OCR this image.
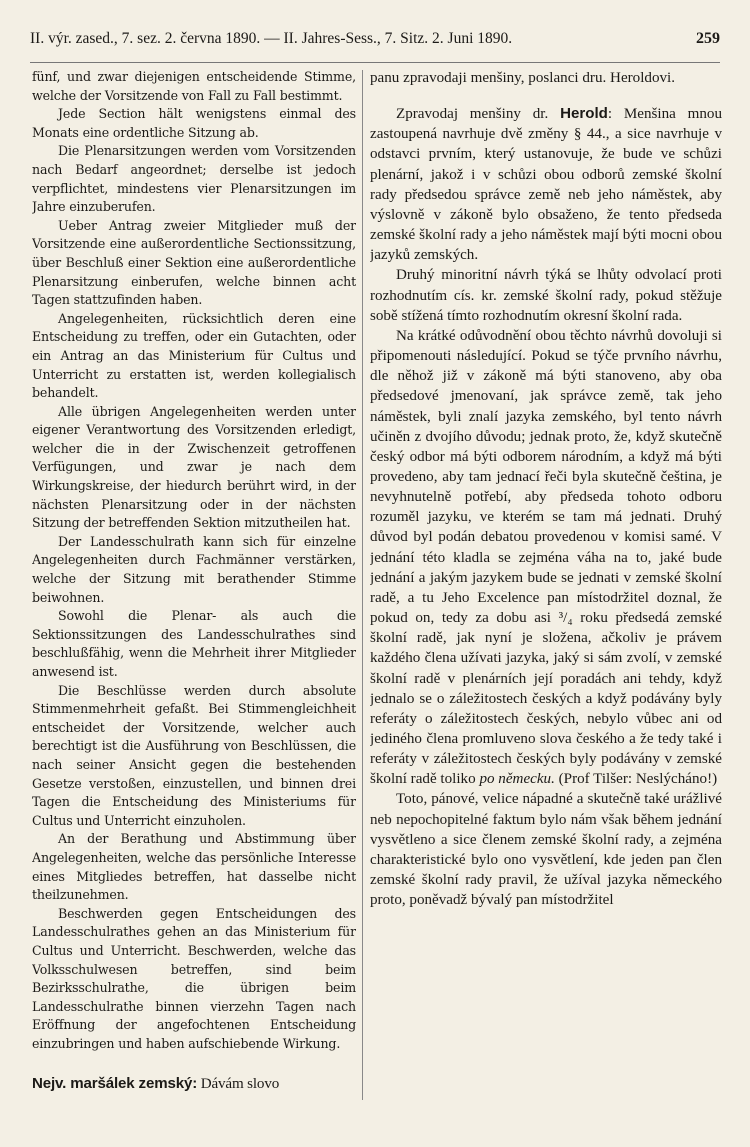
II. výr. zased., 7. sez. 2. června 1890. — II. Jahres-Sess., 7. Sitz. 2. Juni 1890.	259

fünf, und zwar diejenigen entscheidende Stimme, welche der Vorsitzende von Fall zu Fall bestimmt.

Jede Section hält wenigstens einmal des Monats eine ordentliche Sitzung ab.

Die Plenarsitzungen werden vom Vorsitzenden nach Bedarf angeordnet; derselbe ist jedoch verpflichtet, mindestens vier Plenarsitzungen im Jahre einzuberufen.

Ueber Antrag zweier Mitglieder muß der Vorsitzende eine außerordentliche Sectionssitzung, über Beschluß einer Sektion eine außerordentliche Plenarsitzung einberufen, welche binnen acht Tagen stattzufinden haben.

Angelegenheiten, rücksichtlich deren eine Entscheidung zu treffen, oder ein Gutachten, oder ein Antrag an das Ministerium für Cultus und Unterricht zu erstatten ist, werden kollegialisch behandelt.

Alle übrigen Angelegenheiten werden unter eigener Verantwortung des Vorsitzenden erledigt, welcher die in der Zwischenzeit getroffenen Verfügungen, und zwar je nach dem Wirkungskreise, der hiedurch berührt wird, in der nächsten Plenarsitzung oder in der nächsten Sitzung der betreffenden Sektion mitzutheilen hat.

Der Landesschulrath kann sich für einzelne Angelegenheiten durch Fachmänner verstärken, welche der Sitzung mit berathender Stimme beiwohnen.

Sowohl die Plenar- als auch die Sektionssitzungen des Landesschulrathes sind beschlußfähig, wenn die Mehrheit ihrer Mitglieder anwesend ist.

Die Beschlüsse werden durch absolute Stimmenmehrheit gefaßt. Bei Stimmengleichheit entscheidet der Vorsitzende, welcher auch berechtigt ist die Ausführung von Beschlüssen, die nach seiner Ansicht gegen die bestehenden Gesetze verstoßen, einzustellen, und binnen drei Tagen die Entscheidung des Ministeriums für Cultus und Unterricht einzuholen.

An der Berathung und Abstimmung über Angelegenheiten, welche das persönliche Interesse eines Mitgliedes betreffen, hat dasselbe nicht theilzunehmen.

Beschwerden gegen Entscheidungen des Landesschulrathes gehen an das Ministerium für Cultus und Unterricht. Beschwerden, welche das Volksschulwesen betreffen, sind beim Bezirksschulrathe, die übrigen beim Landesschulrathe binnen vierzehn Tagen nach Eröffnung der angefochtenen Entscheidung einzubringen und haben aufschiebende Wirkung.

Nejv. maršálek zemský: Dávám slovo

panu zpravodaji menšiny, poslanci dru. Heroldovi.

Zpravodaj menšiny dr. Herold: Menšina mnou zastoupená navrhuje dvě změny § 44., a sice navrhuje v odstavci prvním, který ustanovuje, že bude ve schůzi plenární, jakož i v schůzi obou odborů zemské školní rady předsedou správce země neb jeho náměstek, aby výslovně v zákoně bylo obsaženo, že tento předseda zemské školní rady a jeho náměstek mají býti mocni obou jazyků zemských.

Druhý minoritní návrh týká se lhůty odvolací proti rozhodnutím cís. kr. zemské školní rady, pokud stěžuje sobě stížená tímto rozhodnutím okresní školní rada.

Na krátké odůvodnění obou těchto návrhů dovoluji si připomenouti následující. Pokud se týče prvního návrhu, dle něhož již v zákoně má býti stanoveno, aby oba předsedové jmenovaní, jak správce země, tak jeho náměstek, byli znalí jazyka zemského, byl tento návrh učiněn z dvojího důvodu; jednak proto, že, když skutečně český odbor má býti odborem národním, a když má býti provedeno, aby tam jednací řeči byla skutečně čeština, je nevyhnutelně potřebí, aby předseda tohoto odboru rozuměl jazyku, ve kterém se tam má jednati. Druhý důvod byl podán debatou provedenou v komisi samé. V jednání této kladla se zejména váha na to, jaké bude jednání a jakým jazykem bude se jednati v zemské školní radě, a tu Jeho Excelence pan místodržitel doznal, že pokud on, tedy za dobu asi ³/₄ roku předsedá zemské školní radě, jak nyní je složena, ačkoliv je právem každého člena užívati jazyka, jaký si sám zvolí, v zemské školní radě v plenárních její poradách ani tehdy, když jednalo se o záležitostech českých a když podávány byly referáty o záležitostech českých, nebylo vůbec ani od jediného člena promluveno slova českého a že tedy také i referáty v záležitostech českých byly podávány v zemské školní radě toliko po německu. (Prof Tilšer: Neslýcháno!)

Toto, pánové, velice nápadné a skutečně také urážlivé neb nepochopitelné faktum bylo nám však během jednání vysvětleno a sice členem zemské školní rady, a zejména charakteristické bylo ono vysvětlení, kde jeden pan člen zemské školní rady pravil, že užíval jazyka německého proto, poněvadž bývalý pan místodržitel
